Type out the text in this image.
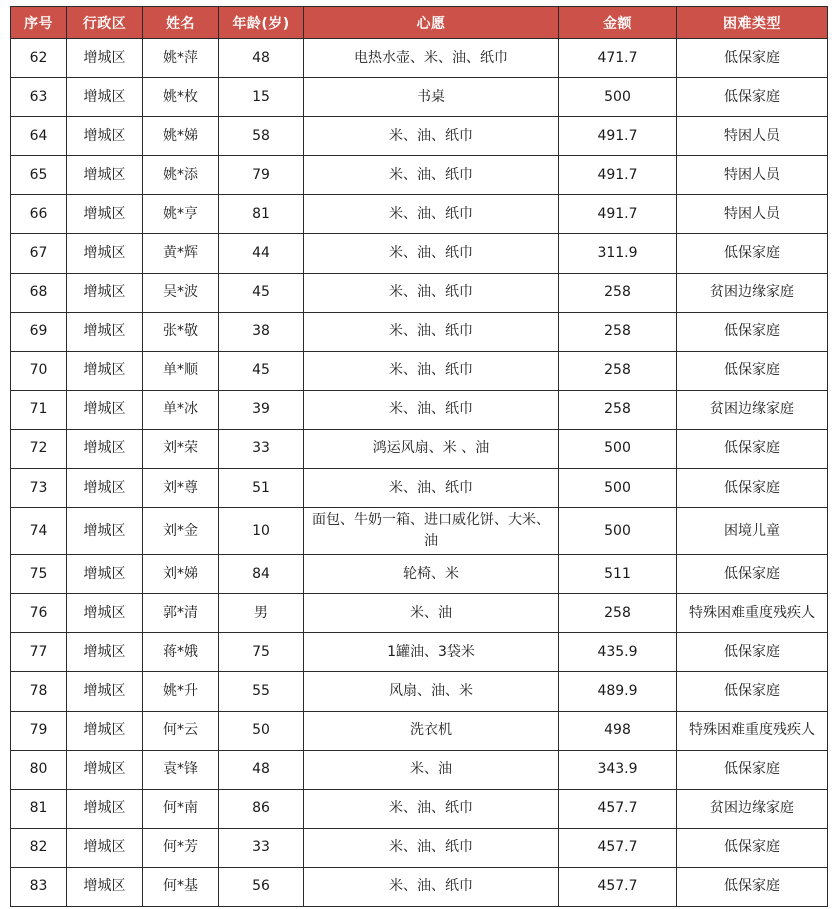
序号	行政区	姓名	年龄(岁)	心愿	金额	困难类型
62	增城区	姚*萍	48	电热水壶、米、油、纸巾	471.7	低保家庭
63	增城区	姚*枚	15	书桌	500	低保家庭
64	增城区	姚*娣	58	米、油、纸巾	491.7	特困人员
65	增城区	姚*添	79	米、油、纸巾	491.7	特困人员
66	增城区	姚*亨	81	米、油、纸巾	491.7	特困人员
67	增城区	黄*辉	44	米、油、纸巾	311.9	低保家庭
68	增城区	吴*波	45	米、油、纸巾	258	贫困边缘家庭
69	增城区	张*敬	38	米、油、纸巾	258	低保家庭
70	增城区	单*顺	45	米、油、纸巾	258	低保家庭
71	增城区	单*冰	39	米、油、纸巾	258	贫困边缘家庭
72	增城区	刘*荣	33	鸿运风扇、米 、油	500	低保家庭
73	增城区	刘*尊	51	米、油、纸巾	500	低保家庭
74	增城区	刘*金	10	面包、牛奶一箱、进口威化饼、大米、油	500	困境儿童
75	增城区	刘*娣	84	轮椅、米	511	低保家庭
76	增城区	郭*清	男	米、油	258	特殊困难重度残疾人
77	增城区	蒋*娥	75	1罐油、3袋米	435.9	低保家庭
78	增城区	姚*升	55	风扇、油、米	489.9	低保家庭
79	增城区	何*云	50	洗衣机	498	特殊困难重度残疾人
80	增城区	袁*锋	48	米、油	343.9	低保家庭
81	增城区	何*南	86	米、油、纸巾	457.7	贫困边缘家庭
82	增城区	何*芳	33	米、油、纸巾	457.7	低保家庭
83	增城区	何*基	56	米、油、纸巾	457.7	低保家庭
